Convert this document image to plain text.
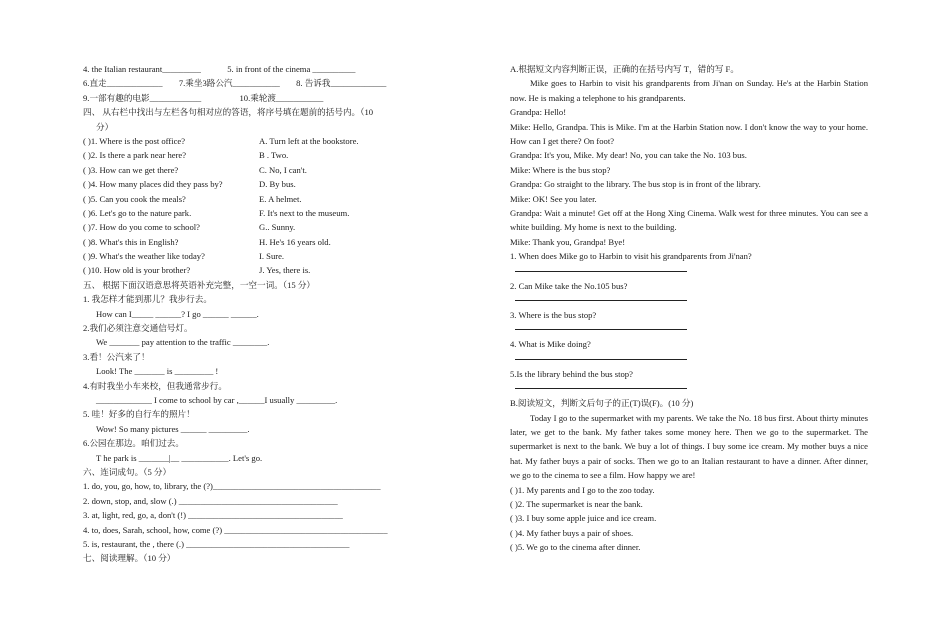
4. the Italian restaurant_________	5. in front of the cinema __________
6.直走_____________ 7.乘坐3路公汽___________ 8. 告诉我_____________
9.一部有趣的电影____________	10.乘轮渡___________
四、 从右栏中找出与左栏各句相对应的答语，将序号填在题前的括号内。（10
分）
( )1. Where is the post office?	A. Turn left at the bookstore.
( )2. Is there a park near here?	B . Two.
( )3. How can we get there?	C. No, I can't.
( )4. How many places did they pass by?	D. By bus.
( )5. Can you cook the meals?	E. A helmet.
( )6. Let's go to the nature park.	F. It's next to the museum.
( )7. How do you come to school?	G.. Sunny.
( )8. What's this in English?	H. He's 16 years old.
( )9. What's the weather like today?	I. Sure.
( )10. How old is your brother?	J. Yes, there is.
五、 根据下面汉语意思将英语补充完整，一空一词。（15 分）
1. 我怎样才能到那儿？我步行去。
How can I_____ ______? I go ______ ______.
2.我们必须注意交通信号灯。
We _______ pay attention to the traffic ________.
3.看！公汽来了！
Look! The _______ is _________ !
4.有时我坐小车来校，但我通常步行。
_____________ I come to school by car ,______I usually _________.
5. 哇！好多的自行车的照片！
Wow! So many pictures ______ _________.
6.公园在那边。咱们过去。
T he park is _______|__ ___________. Let's go.
六、连词成句。（5 分）
1. do, you, go, how, to, library, the (?)_______________________________________
2. down, stop, and, slow (.) _____________________________________
3. at, light, red, go, a, don't (!) ____________________________________
4. to, does, Sarah, school, how, come (?) ______________________________________
5. is, restaurant, the , there (.) ______________________________________
七、阅读理解。（10 分）
A.根据短文内容判断正误，正确的在括号内写 T，错的写 F。
Mike goes to Harbin to visit his grandparents from Ji'nan on Sunday. He's at the Harbin Station now. He is making a telephone to his grandparents.
Grandpa: Hello!
Mike: Hello, Grandpa. This is Mike. I'm at the Harbin Station now. I don't know the way to your home. How can I get there? On foot?
Grandpa: It's you, Mike. My dear! No, you can take the No. 103 bus.
Mike: Where is the bus stop?
Grandpa: Go straight to the library. The bus stop is in front of the library.
Mike: OK! See you later.
Grandpa: Wait a minute! Get off at the Hong Xing Cinema. Walk west for three minutes. You can see a white building. My home is next to the building.
Mike: Thank you, Grandpa! Bye!
1. When does Mike go to Harbin to visit his grandparents from Ji'nan?
2. Can Mike take the No.105 bus?
3. Where is the bus stop?
4. What is Mike doing?
5.Is the library behind the bus stop?
B.阅读短文，判断文后句子的正(T)误(F)。(10 分)
Today I go to the supermarket with my parents. We take the No. 18 bus first. About thirty minutes later, we get to the bank. My father takes some money here. Then we go to the supermarket. The supermarket is next to the bank. We buy a lot of things. I buy some ice cream. My mother buys a nice hat. My father buys a pair of socks. Then we go to an Italian restaurant to have a dinner. After dinner, we go to the cinema to see a film. How happy we are!
( )1. My parents and I go to the zoo today.
( )2. The supermarket is near the bank.
( )3. I buy some apple juice and ice cream.
( )4. My father buys a pair of shoes.
( )5. We go to the cinema after dinner.
